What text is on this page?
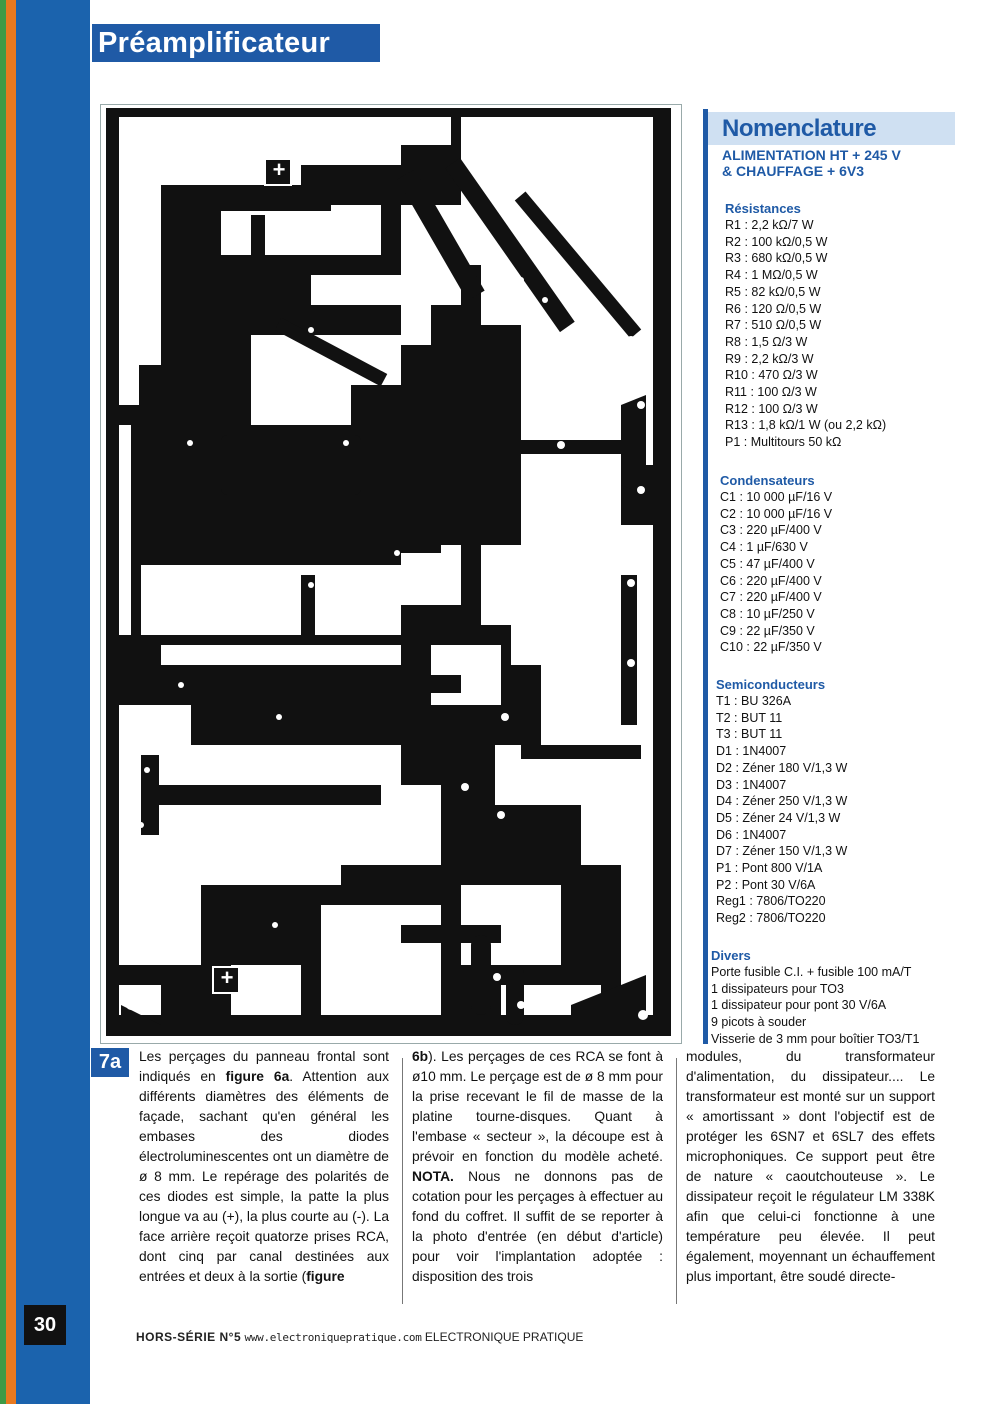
Préamplificateur
+
+
Nomenclature
ALIMENTATION HT + 245 V
& CHAUFFAGE + 6V3
Résistances
R1 : 2,2 kΩ/7 W
R2 : 100 kΩ/0,5 W
R3 : 680 kΩ/0,5 W
R4 : 1 MΩ/0,5 W
R5 : 82 kΩ/0,5 W
R6 : 120 Ω/0,5 W
R7 : 510 Ω/0,5 W
R8 : 1,5 Ω/3 W
R9 : 2,2 kΩ/3 W
R10 : 470 Ω/3 W
R11 : 100 Ω/3 W
R12 : 100 Ω/3 W
R13 : 1,8 kΩ/1 W (ou 2,2 kΩ)
P1 : Multitours 50 kΩ
Condensateurs
C1 : 10 000 µF/16 V
C2 : 10 000 µF/16 V
C3 : 220 µF/400 V
C4 : 1 µF/630 V
C5 : 47 µF/400 V
C6 : 220 µF/400 V
C7 : 220 µF/400 V
C8 : 10 µF/250 V
C9 : 22 µF/350 V
C10 : 22 µF/350 V
Semiconducteurs
T1 : BU 326A
T2 : BUT 11
T3 : BUT 11
D1 : 1N4007
D2 : Zéner 180 V/1,3 W
D3 : 1N4007
D4 : Zéner 250 V/1,3 W
D5 : Zéner 24 V/1,3 W
D6 : 1N4007
D7 : Zéner 150 V/1,3 W
P1 : Pont 800 V/1A
P2 : Pont 30 V/6A
Reg1 : 7806/TO220
Reg2 : 7806/TO220
Divers
Porte fusible C.I. + fusible 100 mA/T
1 dissipateurs pour TO3
1 dissipateur pour pont 30 V/6A
9 picots à souder
Visserie de 3 mm pour boîtier TO3/T1
7a	Les perçages du panneau frontal sont indiqués en figure 6a. Attention aux différents diamètres des éléments de façade, sachant qu'en général les embases des diodes électroluminescentes ont un diamètre de ø 8 mm. Le repérage des polarités de ces diodes est simple, la patte la plus longue va au (+), la plus courte au (-). La face arrière reçoit quatorze prises RCA, dont cinq par canal destinées aux entrées et deux à la sortie (figure

6b). Les perçages de ces RCA se font à ø10 mm. Le perçage est de ø 8 mm pour la prise recevant le fil de masse de la platine tourne-disques. Quant à l'embase « secteur », la découpe est à prévoir en fonction du modèle acheté. NOTA. Nous ne donnons pas de cotation pour les perçages à effectuer au fond du coffret. Il suffit de se reporter à la photo d'entrée (en début d'article) pour voir l'implantation adoptée : disposition des trois

modules, du transformateur d'alimentation, du dissipateur.... Le transformateur est monté sur un support « amortissant » dont l'objectif est de protéger les 6SN7 et 6SL7 des effets microphoniques. Ce support peut être de nature « caoutchouteuse ». Le dissipateur reçoit le régulateur LM 338K afin que celui-ci fonctionne à une température peu élevée. Il peut également, moyennant un échauffement plus important, être soudé directe-

30
HORS-SÉRIE N°5 www.electroniquepratique.com ELECTRONIQUE PRATIQUE
